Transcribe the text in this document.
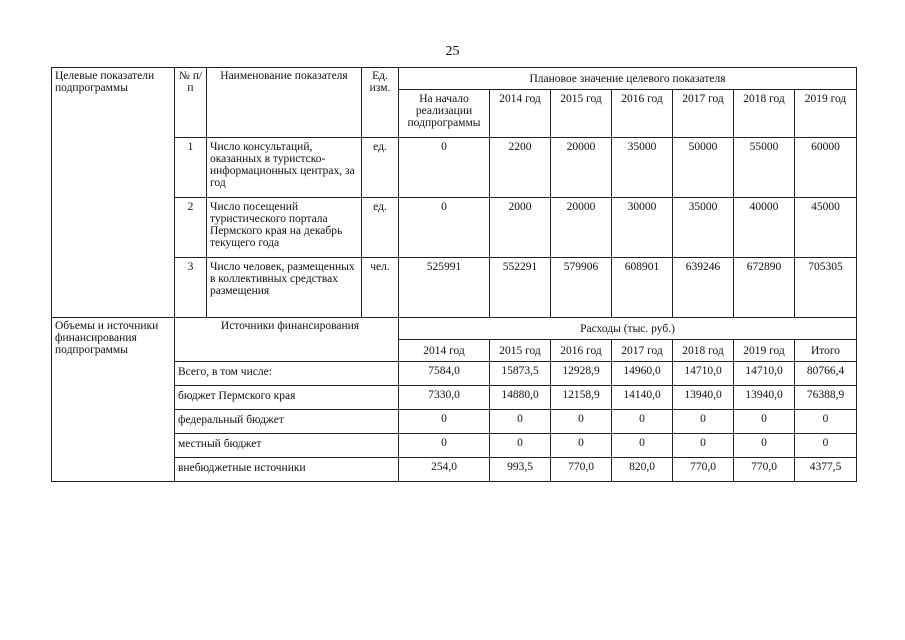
25
Целевые показатели подпрограммы	№ п/п	Наименование показателя	Ед. изм.	Плановое значение целевого показателя						
				На начало реализации подпрограммы	2014 год	2015 год	2016 год	2017 год	2018 год	2019 год
	1	Число консультаций, оказанных в туристско-информационных центрах, за год	ед.	0	2200	20000	35000	50000	55000	60000
	2	Число посещений туристического портала Пермского края на декабрь текущего года	ед.	0	2000	20000	30000	35000	40000	45000
	3	Число человек, размещенных в коллективных средствах размещения	чел.	525991	552291	579906	608901	639246	672890	705305
Объемы и источники финансирования подпрограммы	Источники финансирования			Расходы (тыс. руб.)						
				2014 год	2015 год	2016 год	2017 год	2018 год	2019 год	Итого
	Всего, в том числе:			7584,0	15873,5	12928,9	14960,0	14710,0	14710,0	80766,4
	бюджет Пермского края			7330,0	14880,0	12158,9	14140,0	13940,0	13940,0	76388,9
	федеральный бюджет			0	0	0	0	0	0	0
	местный бюджет			0	0	0	0	0	0	0
	внебюджетные источники			254,0	993,5	770,0	820,0	770,0	770,0	4377,5
